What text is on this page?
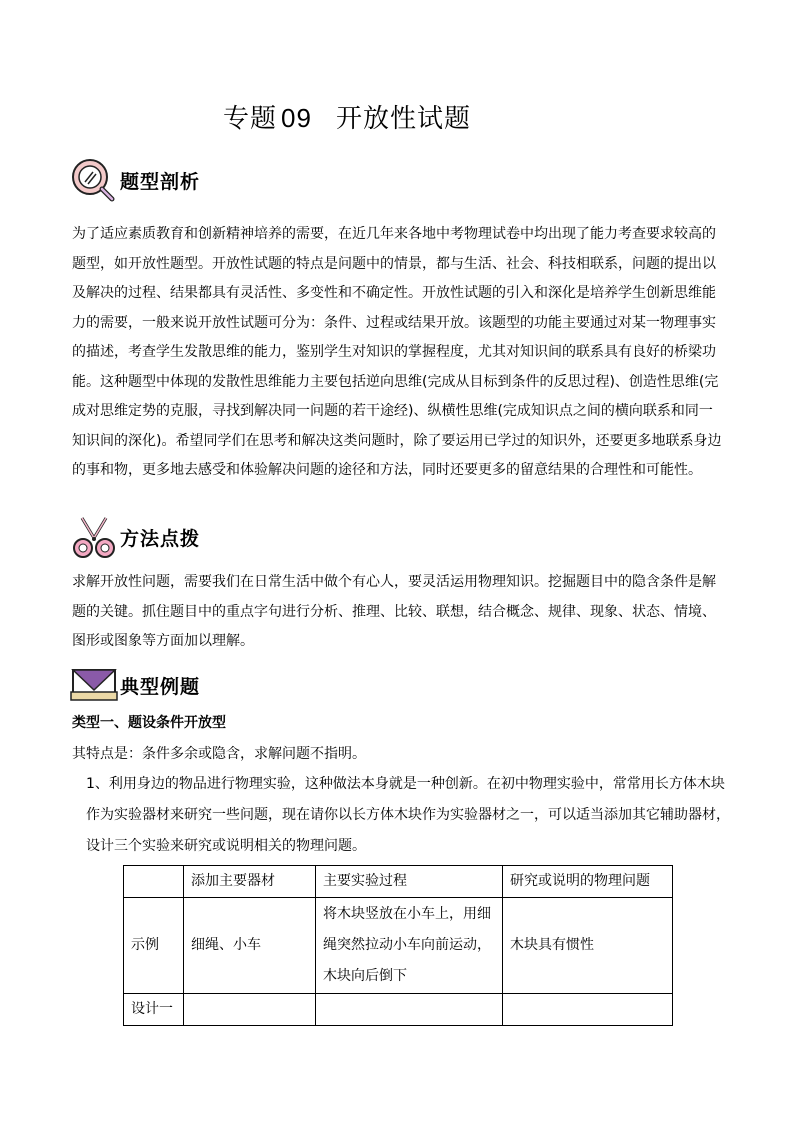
专题 09 开放性试题
题型剖析
为了适应素质教育和创新精神培养的需要，在近几年来各地中考物理试卷中均出现了能力考查要求较高的
题型，如开放性题型。开放性试题的特点是问题中的情景，都与生活、社会、科技相联系，问题的提出以
及解决的过程、结果都具有灵活性、多变性和不确定性。开放性试题的引入和深化是培养学生创新思维能
力的需要，一般来说开放性试题可分为：条件、过程或结果开放。该题型的功能主要通过对某一物理事实
的描述，考查学生发散思维的能力，鉴别学生对知识的掌握程度，尤其对知识间的联系具有良好的桥梁功
能。这种题型中体现的发散性思维能力主要包括逆向思维(完成从目标到条件的反思过程)、创造性思维(完
成对思维定势的克服，寻找到解决同一问题的若干途经)、纵横性思维(完成知识点之间的横向联系和同一
知识间的深化)。希望同学们在思考和解决这类问题时，除了要运用已学过的知识外，还要更多地联系身边
的事和物，更多地去感受和体验解决问题的途径和方法，同时还要更多的留意结果的合理性和可能性。
方法点拨
求解开放性问题，需要我们在日常生活中做个有心人，要灵活运用物理知识。挖掘题目中的隐含条件是解
题的关键。抓住题目中的重点字句进行分析、推理、比较、联想，结合概念、规律、现象、状态、情境、
图形或图象等方面加以理解。
典型例题
类型一、题设条件开放型
其特点是：条件多余或隐含，求解问题不指明。
1、利用身边的物品进行物理实验，这种做法本身就是一种创新。在初中物理实验中，常常用长方体木块
作为实验器材来研究一些问题，现在请你以长方体木块作为实验器材之一，可以适当添加其它辅助器材，
设计三个实验来研究或说明相关的物理问题。
	添加主要器材	主要实验过程	研究或说明的物理问题
示例	细绳、小车	将木块竖放在小车上，用细
绳突然拉动小车向前运动，
木块向后倒下	木块具有惯性
设计一			
